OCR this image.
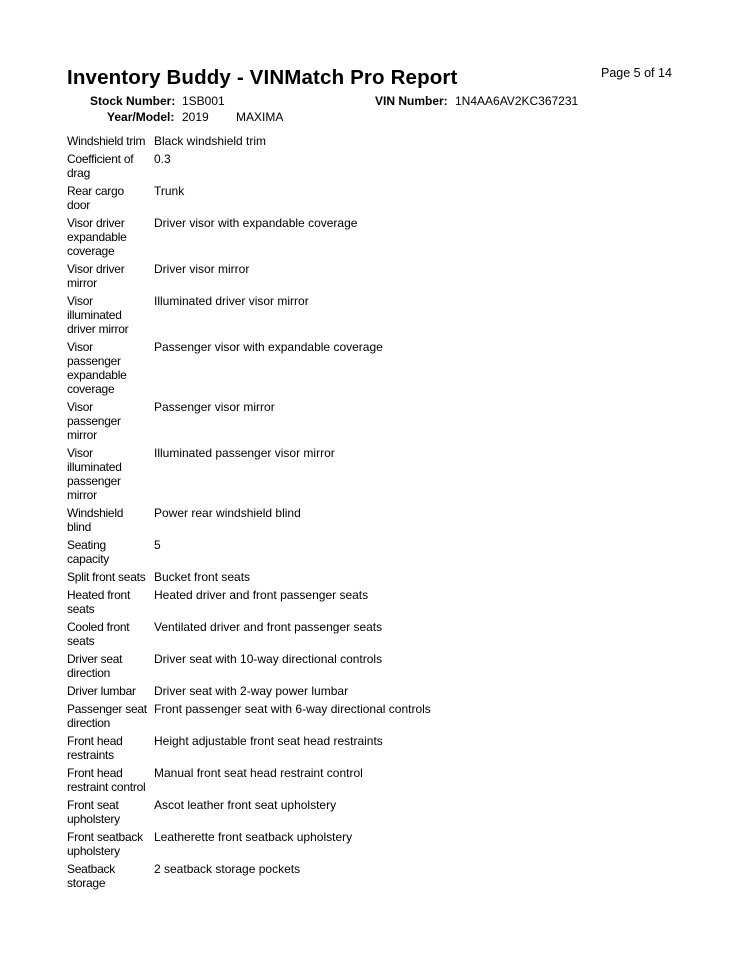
Page 5 of 14
Inventory Buddy - VINMatch Pro Report
Stock Number: 1SB001	VIN Number: 1N4AA6AV2KC367231
Year/Model: 2019 MAXIMA
Windshield trim Black windshield trim
Coefficient of
drag
0.3
Rear cargo
door
Trunk
Visor driver
expandable
coverage
Driver visor with expandable coverage
Visor driver
mirror
Driver visor mirror
Visor
illuminated
driver mirror
Illuminated driver visor mirror
Visor
passenger
expandable
coverage
Passenger visor with expandable coverage
Visor
passenger
mirror
Passenger visor mirror
Visor
illuminated
passenger
mirror
Illuminated passenger visor mirror
Windshield
blind
Power rear windshield blind
Seating
capacity
5
Split front seats Bucket front seats
Heated front
seats
Heated driver and front passenger seats
Cooled front
seats
Ventilated driver and front passenger seats
Driver seat
direction
Driver seat with 10-way directional controls
Driver lumbar	Driver seat with 2-way power lumbar
Passenger seat
direction
Front passenger seat with 6-way directional controls
Front head
restraints
Height adjustable front seat head restraints
Front head
restraint control
Manual front seat head restraint control
Front seat
upholstery
Ascot leather front seat upholstery
Front seatback
upholstery
Leatherette front seatback upholstery
Seatback
storage
2 seatback storage pockets
